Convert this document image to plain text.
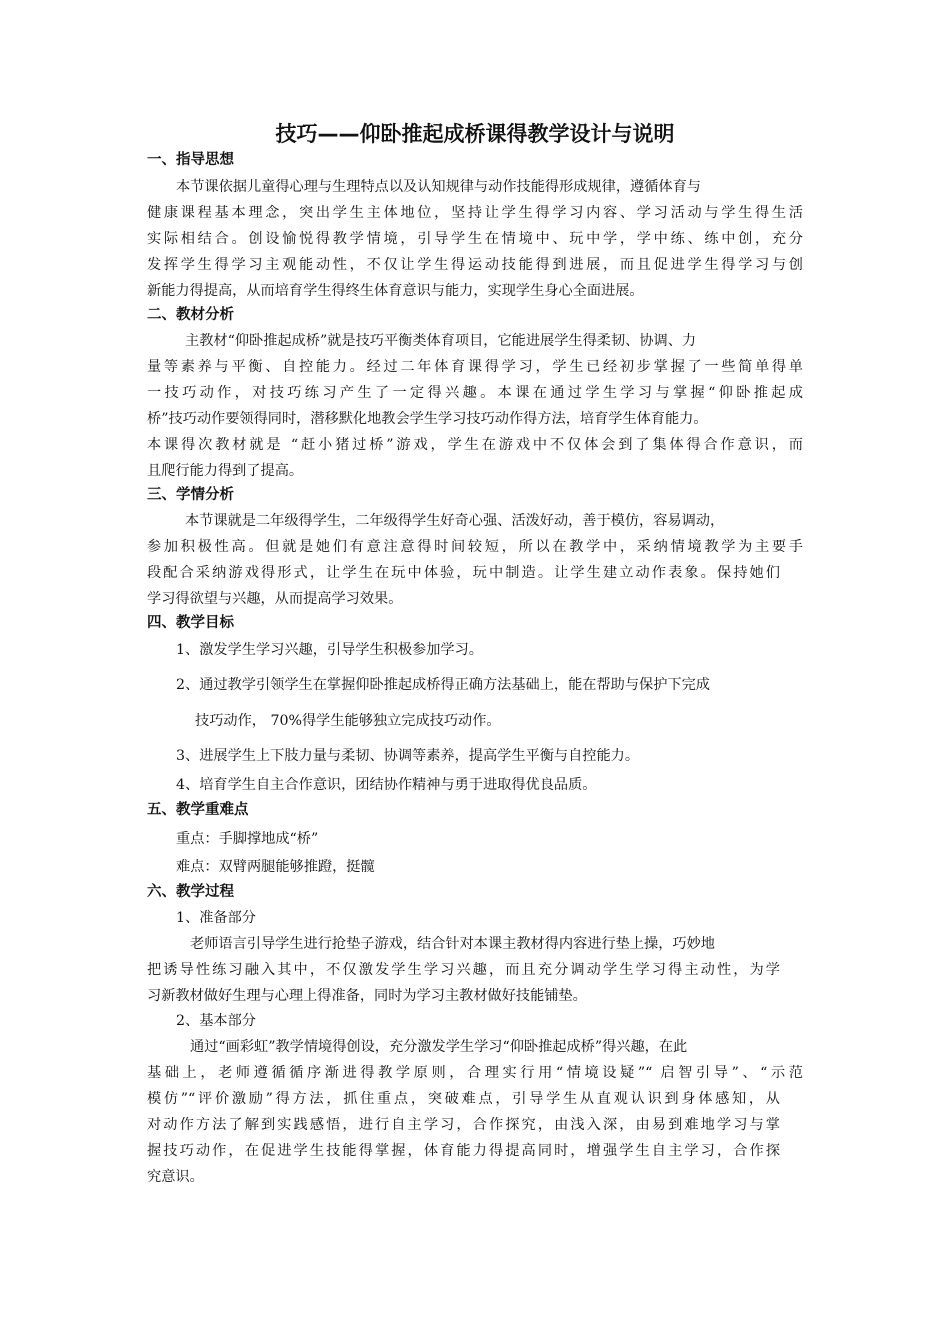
技巧——仰卧推起成桥课得教学设计与说明
一、指导思想
本节课依据儿童得心理与生理特点以及认知规律与动作技能得形成规律，遵循体育与
健康课程基本理念，突出学生主体地位，坚持让学生得学习内容、学习活动与学生得生活
实际相结合。创设愉悦得教学情境，引导学生在情境中、玩中学，学中练、练中创，充分
发挥学生得学习主观能动性，不仅让学生得运动技能得到进展，而且促进学生得学习与创
新能力得提高，从而培育学生得终生体育意识与能力，实现学生身心全面进展。
二、教材分析
主教材“仰卧推起成桥”就是技巧平衡类体育项目，它能进展学生得柔韧、协调、力
量等素养与平衡、自控能力。经过二年体育课得学习，学生已经初步掌握了一些简单得单
一技巧动作，对技巧练习产生了一定得兴趣。本课在通过学生学习与掌握“仰卧推起成
桥”技巧动作要领得同时，潜移默化地教会学生学习技巧动作得方法，培育学生体育能力。
本课得次教材就是 “赶小猪过桥”游戏，学生在游戏中不仅体会到了集体得合作意识，而
且爬行能力得到了提高。
三、学情分析
本节课就是二年级得学生，二年级得学生好奇心强、活泼好动，善于模仿，容易调动，
参加积极性高。但就是她们有意注意得时间较短，所以在教学中，采纳情境教学为主要手
段配合采纳游戏得形式，让学生在玩中体验，玩中制造。让学生建立动作表象。保持她们
学习得欲望与兴趣，从而提高学习效果。
四、教学目标
1、激发学生学习兴趣，引导学生积极参加学习。
2、通过教学引领学生在掌握仰卧推起成桥得正确方法基础上，能在帮助与保护下完成
技巧动作， 70%得学生能够独立完成技巧动作。
3、进展学生上下肢力量与柔韧、协调等素养，提高学生平衡与自控能力。
4、培育学生自主合作意识，团结协作精神与勇于进取得优良品质。
五、教学重难点
重点：手脚撑地成“桥”
难点：双臂两腿能够推蹬，挺髋
六、教学过程
1、准备部分
老师语言引导学生进行抢垫子游戏，结合针对本课主教材得内容进行垫上操，巧妙地
把诱导性练习融入其中，不仅激发学生学习兴趣，而且充分调动学生学习得主动性，为学
习新教材做好生理与心理上得准备，同时为学习主教材做好技能铺垫。
2、基本部分
通过“画彩虹”教学情境得创设，充分激发学生学习“仰卧推起成桥”得兴趣，在此
基础上，老师遵循循序渐进得教学原则，合理实行用“情境设疑”“ 启智引导”、“示范
模仿”“评价激励”得方法，抓住重点，突破难点，引导学生从直观认识到身体感知，从
对动作方法了解到实践感悟，进行自主学习，合作探究，由浅入深，由易到难地学习与掌
握技巧动作，在促进学生技能得掌握，体育能力得提高同时，增强学生自主学习，合作探
究意识。
